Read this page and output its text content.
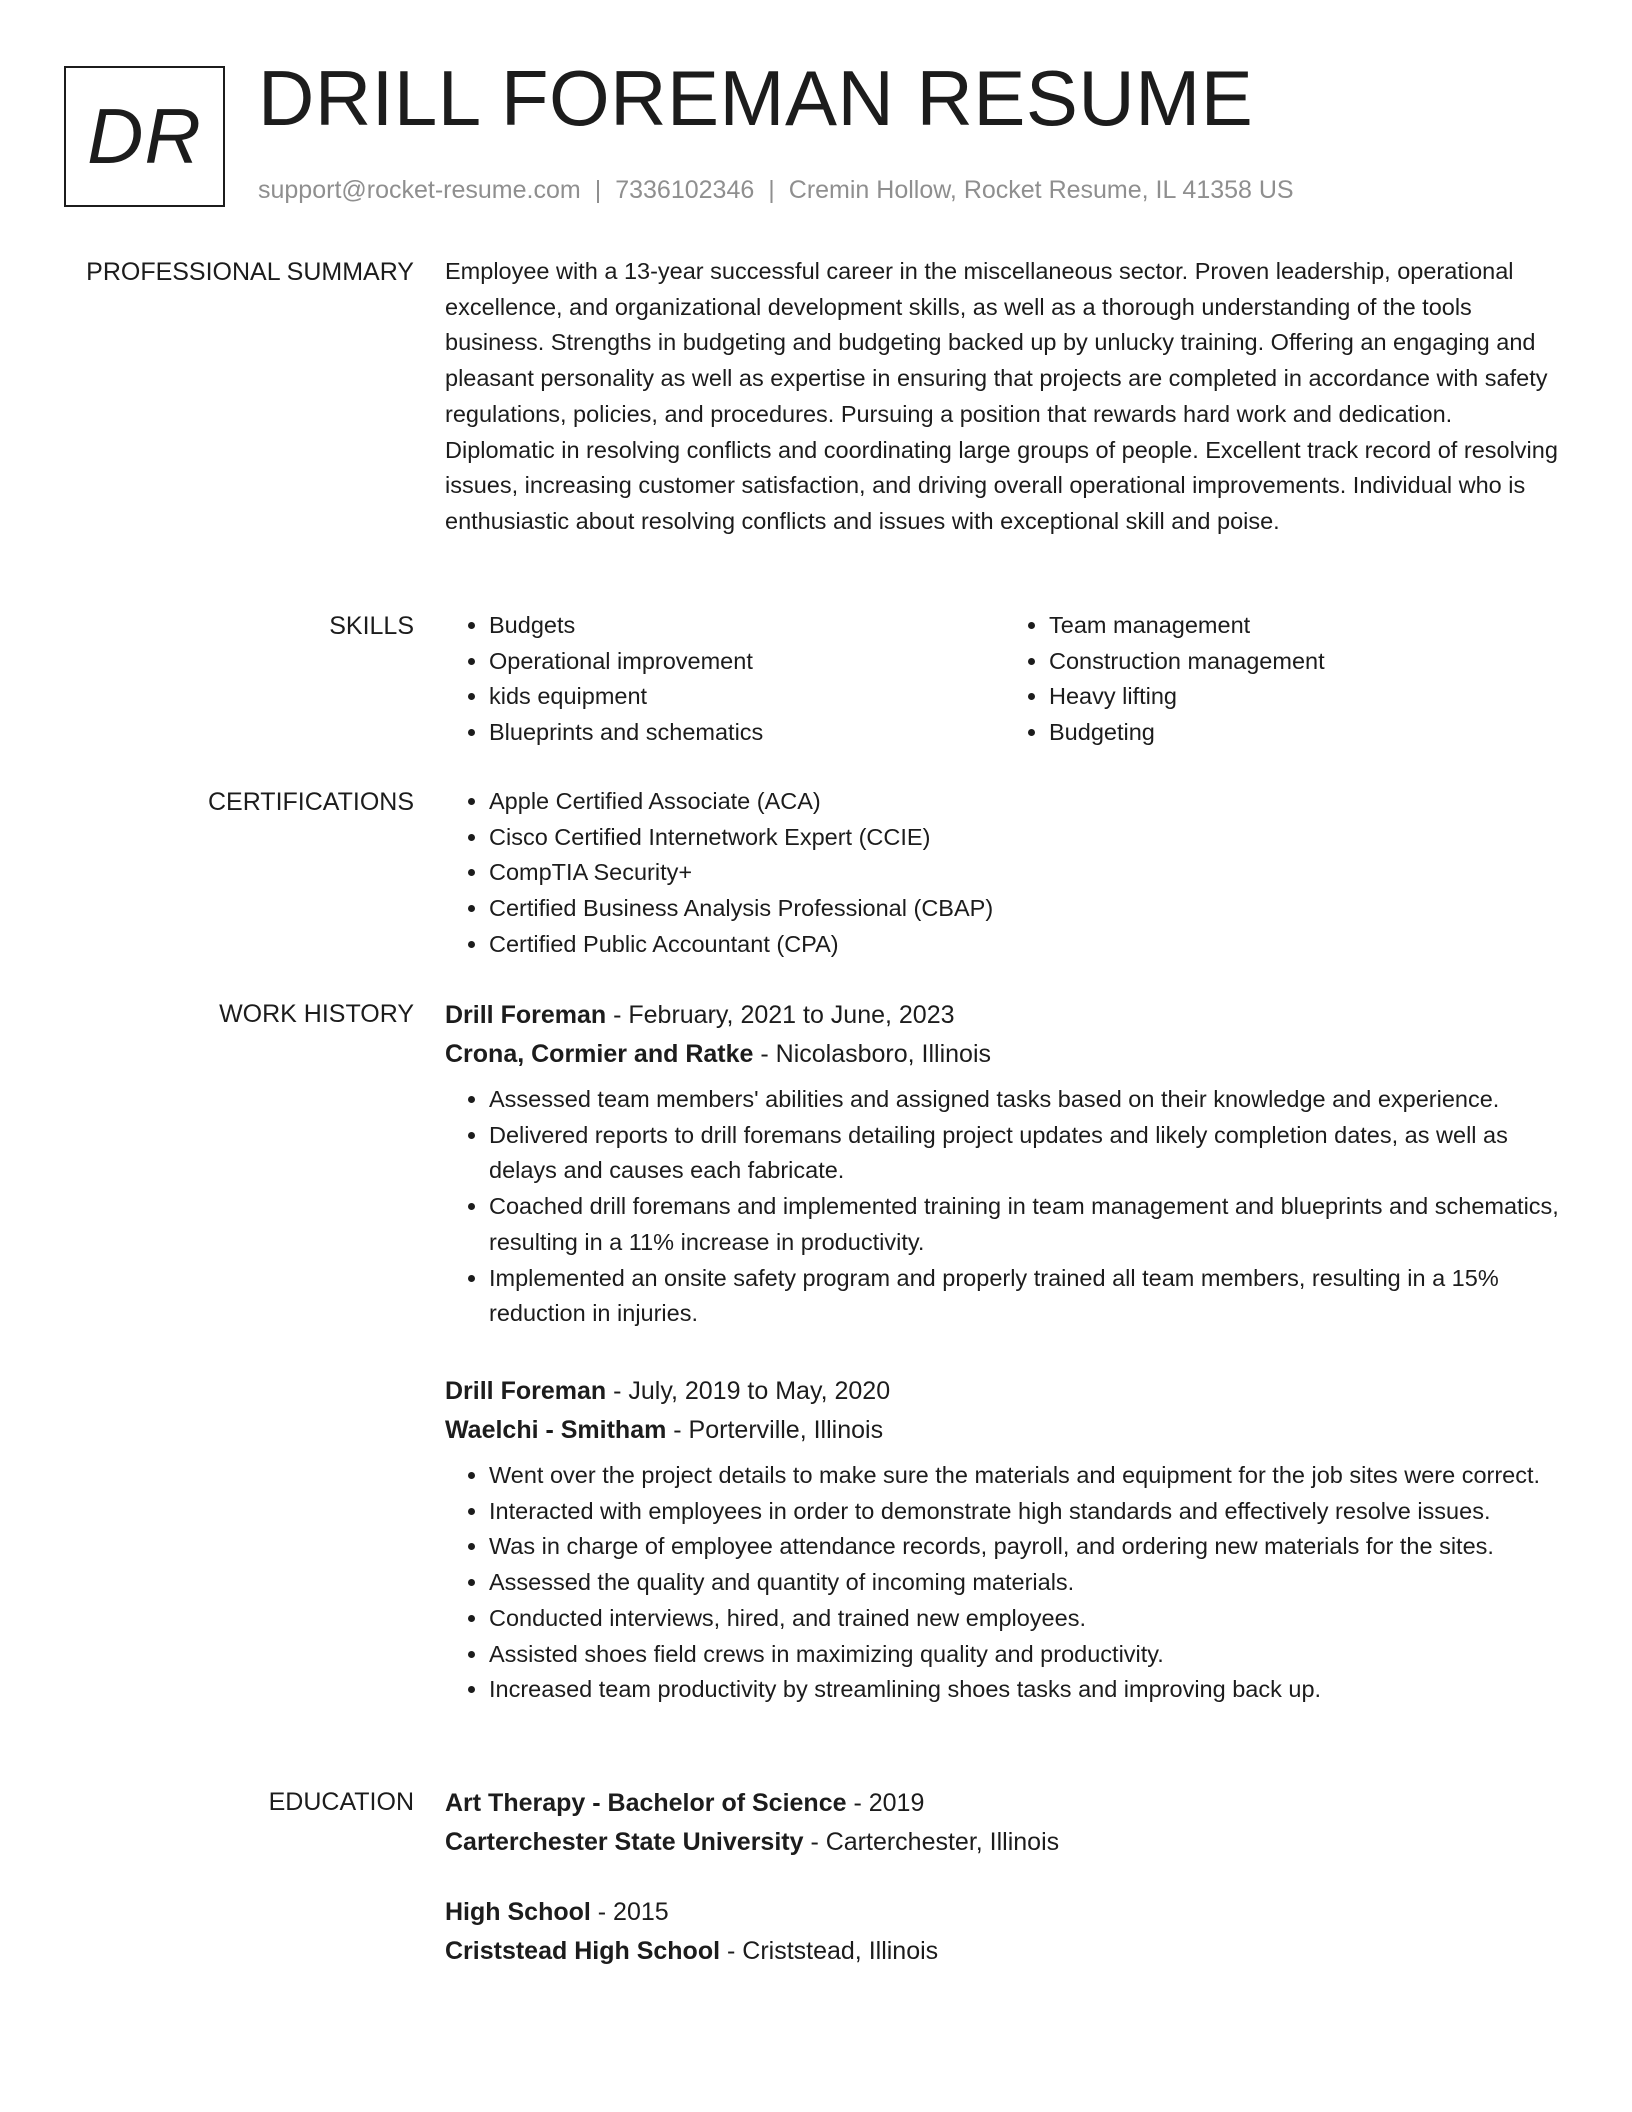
DR DRILL FOREMAN RESUME
support@rocket-resume.com | 7336102346 | Cremin Hollow, Rocket Resume, IL 41358 US
PROFESSIONAL SUMMARY Employee with a 13-year successful career in the miscellaneous sector. Proven leadership, operational excellence, and organizational development skills, as well as a thorough understanding of the tools business. Strengths in budgeting and budgeting backed up by unlucky training. Offering an engaging and pleasant personality as well as expertise in ensuring that projects are completed in accordance with safety regulations, policies, and procedures. Pursuing a position that rewards hard work and dedication. Diplomatic in resolving conflicts and coordinating large groups of people. Excellent track record of resolving issues, increasing customer satisfaction, and driving overall operational improvements. Individual who is enthusiastic about resolving conflicts and issues with exceptional skill and poise.

SKILLS	• Budgets
• Operational improvement
• kids equipment
• Blueprints and schematics
• Team management
• Construction management
• Heavy lifting
• Budgeting
CERTIFICATIONS	• Apple Certified Associate (ACA)
• Cisco Certified Internetwork Expert (CCIE)
• CompTIA Security+
• Certified Business Analysis Professional (CBAP)
• Certified Public Accountant (CPA)
WORK HISTORY Drill Foreman - February, 2021 to June, 2023
Crona, Cormier and Ratke - Nicolasboro, Illinois
• Assessed team members' abilities and assigned tasks based on their knowledge and experience.
• Delivered reports to drill foremans detailing project updates and likely completion dates, as well as delays and causes each fabricate.
• Coached drill foremans and implemented training in team management and blueprints and schematics, resulting in a 11% increase in productivity.
• Implemented an onsite safety program and properly trained all team members, resulting in a 15% reduction in injuries.
Drill Foreman - July, 2019 to May, 2020
Waelchi - Smitham - Porterville, Illinois
• Went over the project details to make sure the materials and equipment for the job sites were correct.
• Interacted with employees in order to demonstrate high standards and effectively resolve issues.
• Was in charge of employee attendance records, payroll, and ordering new materials for the sites.
• Assessed the quality and quantity of incoming materials.
• Conducted interviews, hired, and trained new employees.
• Assisted shoes field crews in maximizing quality and productivity.
• Increased team productivity by streamlining shoes tasks and improving back up.
EDUCATION Art Therapy - Bachelor of Science - 2019
Carterchester State University - Carterchester, Illinois
High School - 2015
Criststead High School - Criststead, Illinois
